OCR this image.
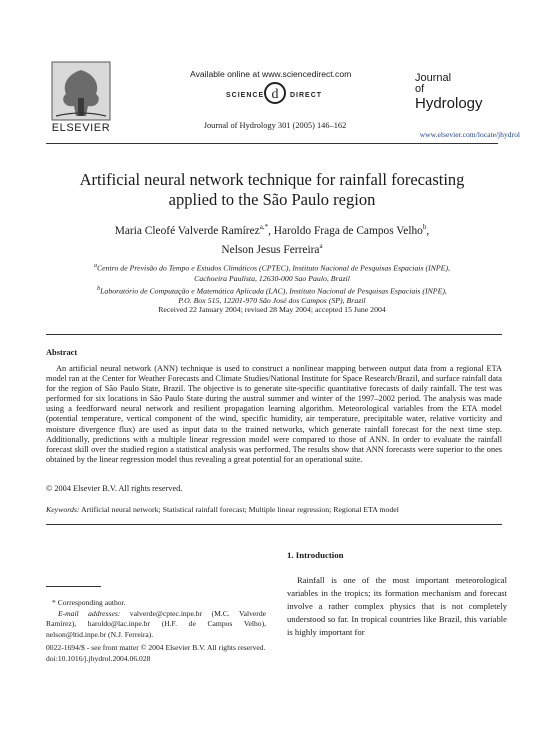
ELSEVIER
Available online at www.sciencedirect.com
d
SCIENCE	DIRECT
Journal of Hydrology 301 (2005) 146–162
Journal
of
Hydrology
www.elsevier.com/locate/jhydrol
Artificial neural network technique for rainfall forecasting
applied to the São Paulo region
Maria Cleofé Valverde Ramírez$^{a,*}$, Haroldo Fraga de Campos Velho$^b$,
Nelson Jesus Ferreira$^a$
$^a$Centro de Previsão do Tempo e Estudos Climáticos (CPTEC), Instituto Nacional de Pesquisas Espaciais (INPE),
Cachoeira Paulista, 12630-000 Sao Paulo, Brazil
$^b$Laboratório de Computação e Matemática Aplicada (LAC), Instituto Nacional de Pesquisas Espaciais (INPE),
P.O. Box 515, 12201-970 São José dos Campos (SP), Brazil
Received 22 January 2004; revised 28 May 2004; accepted 15 June 2004
Abstract

An artificial neural network (ANN) technique is used to construct a nonlinear mapping between output data from a regional ETA model ran at the Center for Weather Forecasts and Climate Studies/National Institute for Space Research/Brazil, and surface rainfall data for the region of São Paulo State, Brazil. The objective is to generate site-specific quantitative forecasts of daily rainfall. The test was performed for six locations in São Paulo State during the austral summer and winter of the 1997–2002 period. The analysis was made using a feedforward neural network and resilient propagation learning algorithm. Meteorological variables from the ETA model (potential temperature, vertical component of the wind, specific humidity, air temperature, precipitable water, relative vorticity and moisture divergence flux) are used as input data to the trained networks, which generate rainfall forecast for the next time step. Additionally, predictions with a multiple linear regression model were compared to those of ANN. In order to evaluate the rainfall forecast skill over the studied region a statistical analysis was performed. The results show that ANN forecasts were superior to the ones obtained by the linear regression model thus revealing a great potential for an operational suite.

© 2004 Elsevier B.V. All rights reserved.
Keywords: Artificial neural network; Statistical rainfall forecast; Multiple linear regression; Regional ETA model
1. Introduction

Rainfall is one of the most important meteorological variables in the tropics; its formation mechanism and forecast involve a rather complex physics that is not completely understood so far. In tropical countries like Brazil, this variable is highly important for

* Corresponding author.
E-mail addresses: valverde@cptec.inpe.br (M.C. Valverde Ramírez), haroldo@lac.inpe.br (H.F. de Campos Velho), nelson@ltid.inpe.br (N.J. Ferreira).
0022-1694/$ - see front matter © 2004 Elsevier B.V. All rights reserved.
doi:10.1016/j.jhydrol.2004.06.028
